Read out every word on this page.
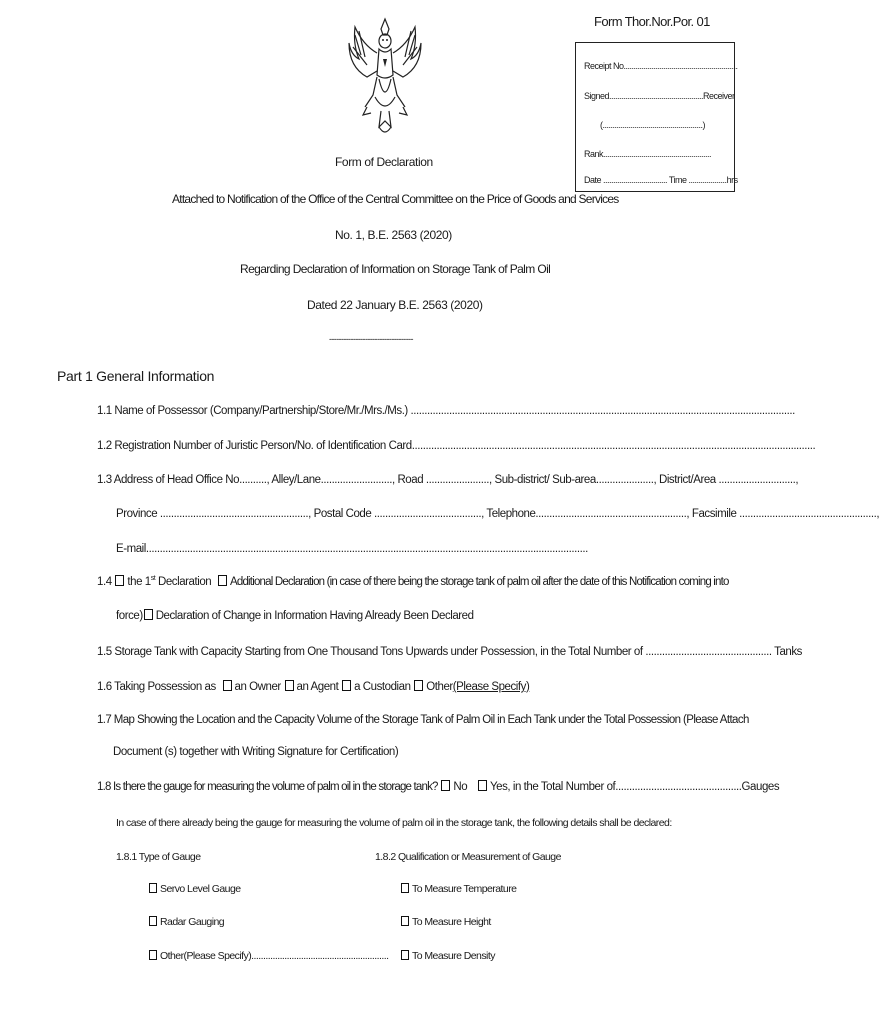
Form Thor.Nor.Por. 01
Receipt No.........................................................
Signed...............................................Receiver
(..................................................)
Rank......................................................
Date ................................ Time ...................hrs
Form of Declaration
Attached to Notification of the Office of the Central Committee on the Price of Goods and Services
No. 1, B.E. 2563 (2020)
Regarding Declaration of Information on Storage Tank of Palm Oil
Dated 22 January B.E. 2563 (2020)
-----------------------------------
Part 1 General Information
1.1 Name of Possessor (Company/Partnership/Store/Mr./Mrs./Ms.) ............................................................................................................................................
1.2 Registration Number of Juristic Person/No. of Identification Card...................................................................................................................................................
1.3 Address of Head Office No.........., Alley/Lane.........................., Road ......................., Sub-district/ Sub-area....................., District/Area ............................,
Province ......................................................, Postal Code ......................................., Telephone......................................................., Facsimile ..................................................,
E-mail.................................................................................................................................................................
1.4 the 1st Declaration Additional Declaration (in case of there being the storage tank of palm oil after the date of this Notification coming into
force) Declaration of Change in Information Having Already Been Declared
1.5 Storage Tank with Capacity Starting from One Thousand Tons Upwards under Possession, in the Total Number of .............................................. Tanks
1.6 Taking Possession as an Owner an Agent a Custodian Other(Please Specify)
1.7 Map Showing the Location and the Capacity Volume of the Storage Tank of Palm Oil in Each Tank under the Total Possession (Please Attach
Document (s) together with Writing Signature for Certification)
1.8 Is there the gauge for measuring the volume of palm oil in the storage tank? No Yes, in the Total Number of..............................................Gauges
In case of there already being the gauge for measuring the volume of palm oil in the storage tank, the following details shall be declared:
1.8.1 Type of Gauge	1.8.2 Qualification or Measurement of Gauge
Servo Level Gauge
Radar Gauging
Other(Please Specify)..........................................................
To Measure Temperature
To Measure Height
To Measure Density
